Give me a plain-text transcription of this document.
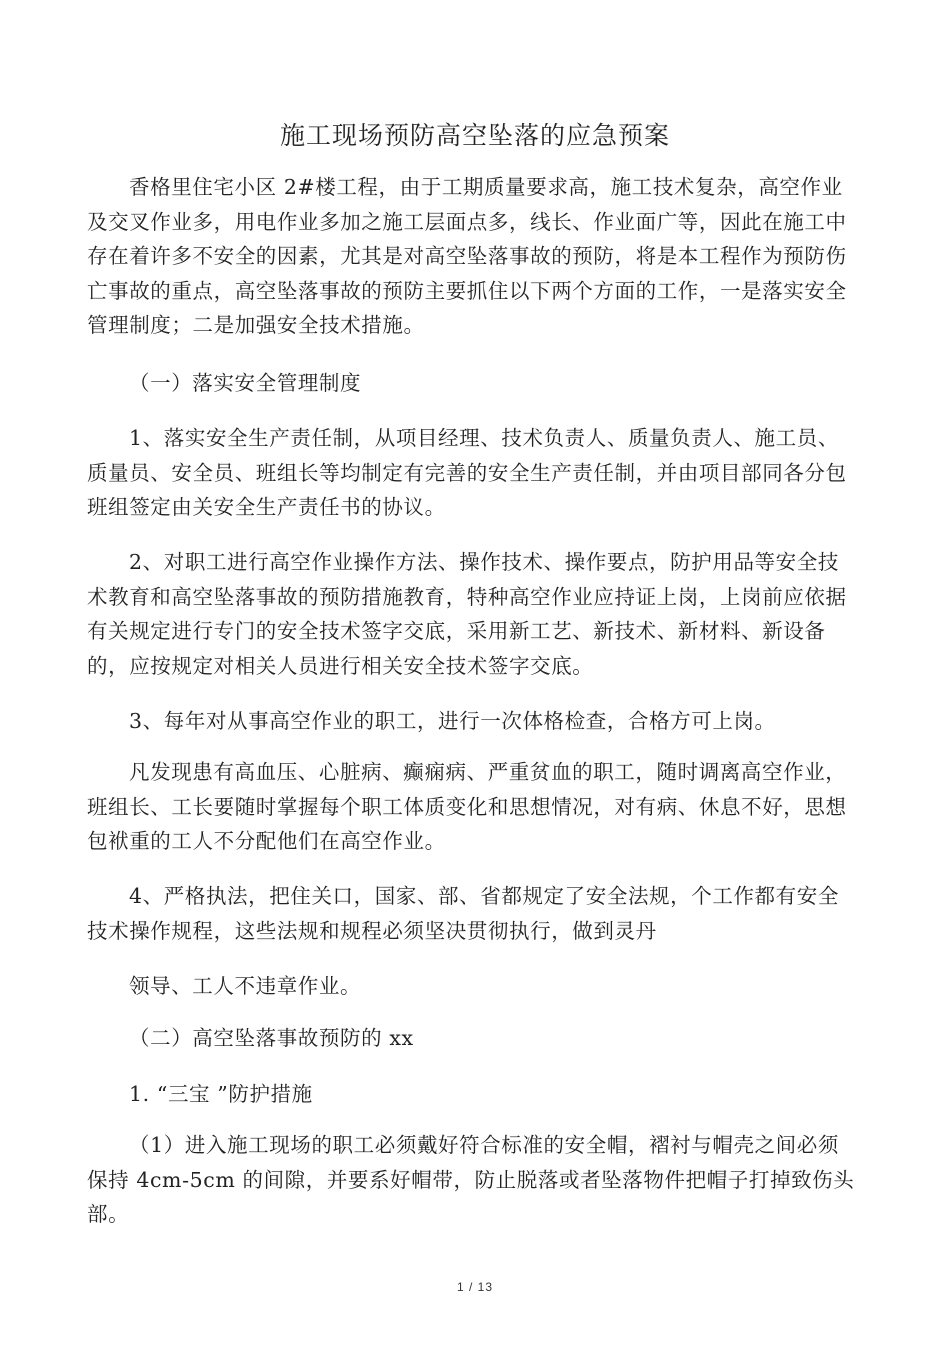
施工现场预防高空坠落的应急预案

香格里住宅小区 2#楼工程，由于工期质量要求高，施工技术复杂，高空作业及交叉作业多，用电作业多加之施工层面点多，线长、作业面广等，因此在施工中存在着许多不安全的因素，尤其是对高空坠落事故的预防，将是本工程作为预防伤亡事故的重点，高空坠落事故的预防主要抓住以下两个方面的工作，一是落实安全管理制度；二是加强安全技术措施。

（一）落实安全管理制度

1、落实安全生产责任制，从项目经理、技术负责人、质量负责人、施工员、质量员、安全员、班组长等均制定有完善的安全生产责任制，并由项目部同各分包班组签定由关安全生产责任书的协议。

2、对职工进行高空作业操作方法、操作技术、操作要点，防护用品等安全技术教育和高空坠落事故的预防措施教育，特种高空作业应持证上岗，上岗前应依据有关规定进行专门的安全技术签字交底，采用新工艺、新技术、新材料、新设备的，应按规定对相关人员进行相关安全技术签字交底。

3、每年对从事高空作业的职工，进行一次体格检查，合格方可上岗。

凡发现患有高血压、心脏病、癫痫病、严重贫血的职工，随时调离高空作业，班组长、工长要随时掌握每个职工体质变化和思想情况，对有病、休息不好，思想包袱重的工人不分配他们在高空作业。

4、严格执法，把住关口，国家、部、省都规定了安全法规，个工作都有安全技术操作规程，这些法规和规程必须坚决贯彻执行，做到灵丹

领导、工人不违章作业。
（二）高空坠落事故预防的 xx
1. “三宝 ”防护措施

（1）进入施工现场的职工必须戴好符合标准的安全帽，褶衬与帽壳之间必须保持 4cm-5cm 的间隙，并要系好帽带，防止脱落或者坠落物件把帽子打掉致伤头部。

1 / 13
